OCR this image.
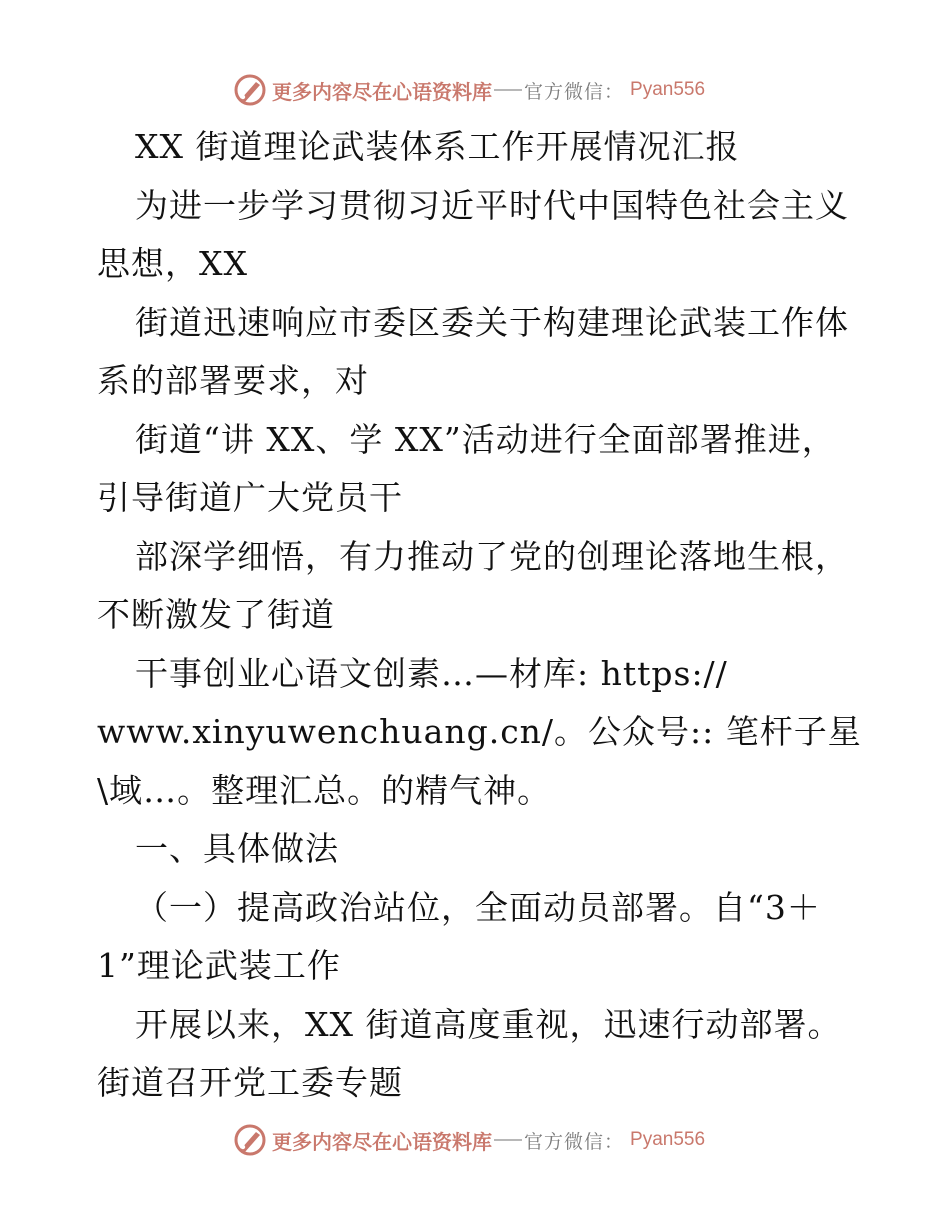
更多内容尽在心语资料库 官方微信： Pyan556
XX 街道理论武装体系工作开展情况汇报
为进一步学习贯彻习近平时代中国特色社会主义
思想，XX
街道迅速响应市委区委关于构建理论武装工作体
系的部署要求，对
街道“讲 XX、学 XX”活动进行全面部署推进，
引导街道广大党员干
部深学细悟，有力推动了党的创理论落地生根，
不断激发了街道
干事创业心语文创素…—材库: https://
www.xinyuwenchuang.cn/。公众号:: 笔杆子星
\域…。整理汇总。的精气神。
一、具体做法
（一）提高政治站位，全面动员部署。自“3＋
1”理论武装工作
开展以来，XX 街道高度重视，迅速行动部署。
街道召开党工委专题
更多内容尽在心语资料库 官方微信： Pyan556
